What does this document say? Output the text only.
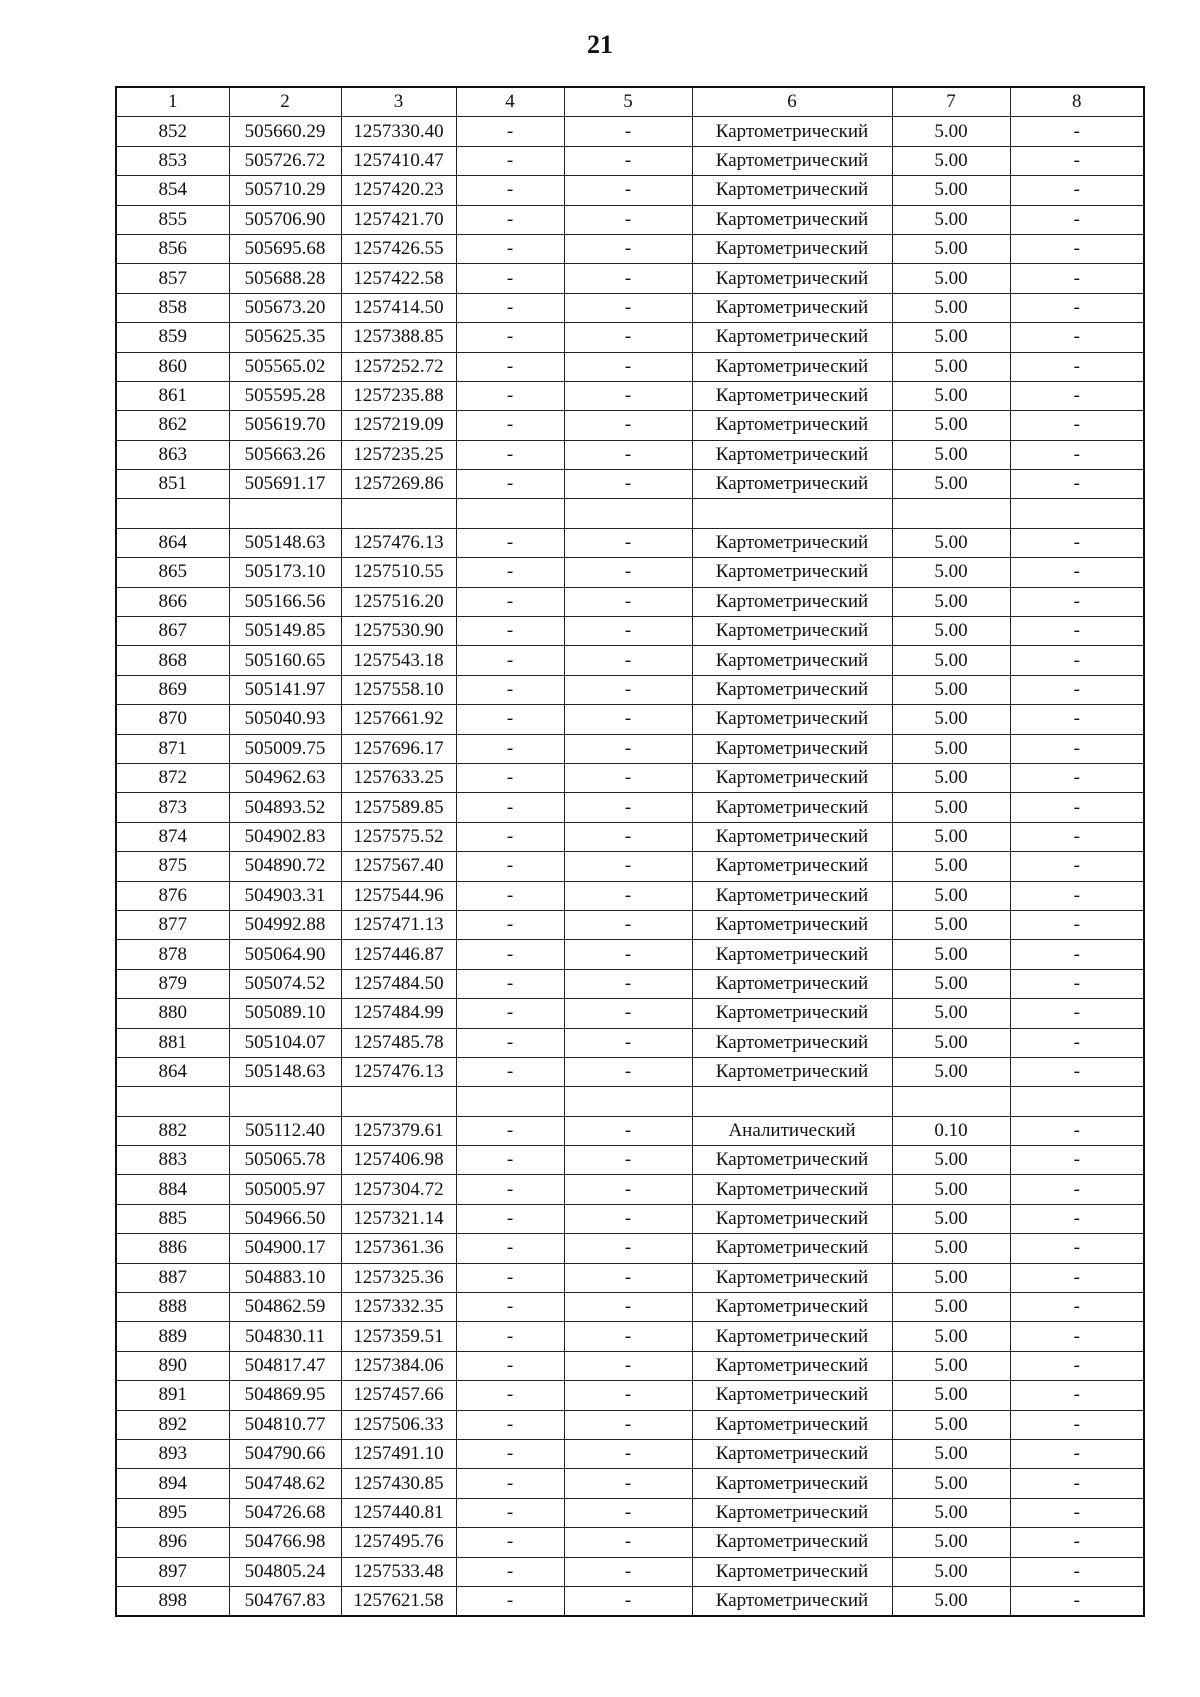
21
1	2	3	4	5	6	7	8
852	505660.29	1257330.40	-	-	Картометрический	5.00	-
853	505726.72	1257410.47	-	-	Картометрический	5.00	-
854	505710.29	1257420.23	-	-	Картометрический	5.00	-
855	505706.90	1257421.70	-	-	Картометрический	5.00	-
856	505695.68	1257426.55	-	-	Картометрический	5.00	-
857	505688.28	1257422.58	-	-	Картометрический	5.00	-
858	505673.20	1257414.50	-	-	Картометрический	5.00	-
859	505625.35	1257388.85	-	-	Картометрический	5.00	-
860	505565.02	1257252.72	-	-	Картометрический	5.00	-
861	505595.28	1257235.88	-	-	Картометрический	5.00	-
862	505619.70	1257219.09	-	-	Картометрический	5.00	-
863	505663.26	1257235.25	-	-	Картометрический	5.00	-
851	505691.17	1257269.86	-	-	Картометрический	5.00	-

864	505148.63	1257476.13	-	-	Картометрический	5.00	-
865	505173.10	1257510.55	-	-	Картометрический	5.00	-
866	505166.56	1257516.20	-	-	Картометрический	5.00	-
867	505149.85	1257530.90	-	-	Картометрический	5.00	-
868	505160.65	1257543.18	-	-	Картометрический	5.00	-
869	505141.97	1257558.10	-	-	Картометрический	5.00	-
870	505040.93	1257661.92	-	-	Картометрический	5.00	-
871	505009.75	1257696.17	-	-	Картометрический	5.00	-
872	504962.63	1257633.25	-	-	Картометрический	5.00	-
873	504893.52	1257589.85	-	-	Картометрический	5.00	-
874	504902.83	1257575.52	-	-	Картометрический	5.00	-
875	504890.72	1257567.40	-	-	Картометрический	5.00	-
876	504903.31	1257544.96	-	-	Картометрический	5.00	-
877	504992.88	1257471.13	-	-	Картометрический	5.00	-
878	505064.90	1257446.87	-	-	Картометрический	5.00	-
879	505074.52	1257484.50	-	-	Картометрический	5.00	-
880	505089.10	1257484.99	-	-	Картометрический	5.00	-
881	505104.07	1257485.78	-	-	Картометрический	5.00	-
864	505148.63	1257476.13	-	-	Картометрический	5.00	-

882	505112.40	1257379.61	-	-	Аналитический	0.10	-
883	505065.78	1257406.98	-	-	Картометрический	5.00	-
884	505005.97	1257304.72	-	-	Картометрический	5.00	-
885	504966.50	1257321.14	-	-	Картометрический	5.00	-
886	504900.17	1257361.36	-	-	Картометрический	5.00	-
887	504883.10	1257325.36	-	-	Картометрический	5.00	-
888	504862.59	1257332.35	-	-	Картометрический	5.00	-
889	504830.11	1257359.51	-	-	Картометрический	5.00	-
890	504817.47	1257384.06	-	-	Картометрический	5.00	-
891	504869.95	1257457.66	-	-	Картометрический	5.00	-
892	504810.77	1257506.33	-	-	Картометрический	5.00	-
893	504790.66	1257491.10	-	-	Картометрический	5.00	-
894	504748.62	1257430.85	-	-	Картометрический	5.00	-
895	504726.68	1257440.81	-	-	Картометрический	5.00	-
896	504766.98	1257495.76	-	-	Картометрический	5.00	-
897	504805.24	1257533.48	-	-	Картометрический	5.00	-
898	504767.83	1257621.58	-	-	Картометрический	5.00	-
